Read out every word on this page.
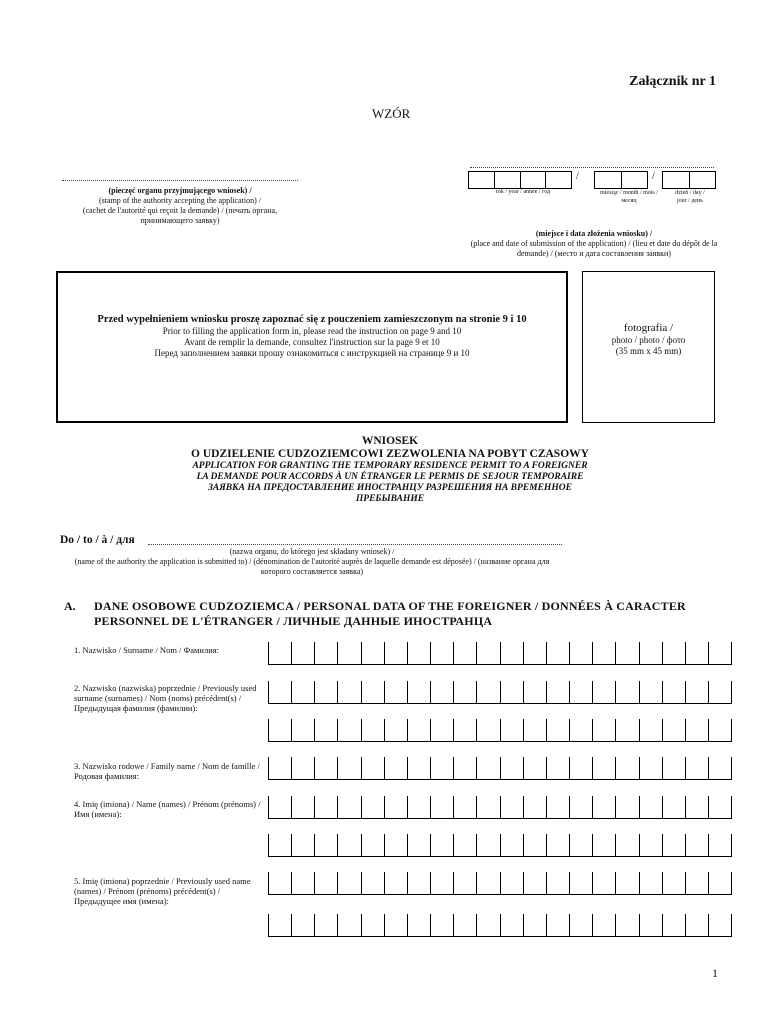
Załącznik nr 1
WZÓR
(pieczęć organu przyjmującego wniosek) /
(stamp of the authority accepting the application) /
(cachet de l'autorité qui reçoit la demande) / (печать органа, принимающего заявку)
/	/
rok / year / année / год	miesiąc / month / mois / месяц
dzień / day / jour / день
(miejsce i data złożenia wniosku) /
(place and date of submission of the application) / (lieu et date du dépôt de la demande) / (место и дата составления заявки)
Przed wypełnieniem wniosku proszę zapoznać się z pouczeniem zamieszczonym na stronie 9 i 10
Prior to filling the application form in, please read the instruction on page 9 and 10
Avant de remplir la demande, consultez l'instruction sur la page 9 et 10
Перед заполнением заявки прошу ознакомиться с инструкцией на странице 9 и 10
fotografia /
photo / photo / фото
(35 mm x 45 mm)
WNIOSEK
O UDZIELENIE CUDZOZIEMCOWI ZEZWOLENIA NA POBYT CZASOWY
APPLICATION FOR GRANTING THE TEMPORARY RESIDENCE PERMIT TO A FOREIGNER
LA DEMANDE POUR ACCORDS À UN ÉTRANGER LE PERMIS DE SEJOUR TEMPORAIRE
ЗАЯВКА НА ПРЕДОСТАВЛЕНИЕ ИНОСТРАНЦУ РАЗРЕШЕНИЯ НА ВРЕМЕННОЕ
ПРЕБЫВАНИЕ
Do / to / à / для
(nazwa organu, do którego jest składany wniosek) /
(name of the authority the application is submitted to) / (dénomination de l'autorité auprès de laquelle demande est déposée) / (название органа для которого составляется заявка)
A. DANE OSOBOWE CUDZOZIEMCA / PERSONAL DATA OF THE FOREIGNER / DONNÉES À CARACTER PERSONNEL DE L'ÉTRANGER / ЛИЧНЫЕ ДАННЫЕ ИНОСТРАНЦА
1. Nazwisko / Surname / Nom / Фамилия:
2. Nazwisko (nazwiska) poprzednie / Previously used surname (surnames) / Nom (noms) précédent(s) / Предыдущая фамилия (фамилии):
3. Nazwisko rodowe / Family name / Nom de famille / Родовая фамилия:
4. Imię (imiona) / Name (names) / Prénom (prénoms) / Имя (имена):
5. Imię (imiona) poprzednie / Previously used name (names) / Prénom (prénoms) précédent(s) / Предыдущее имя (имена):
1
